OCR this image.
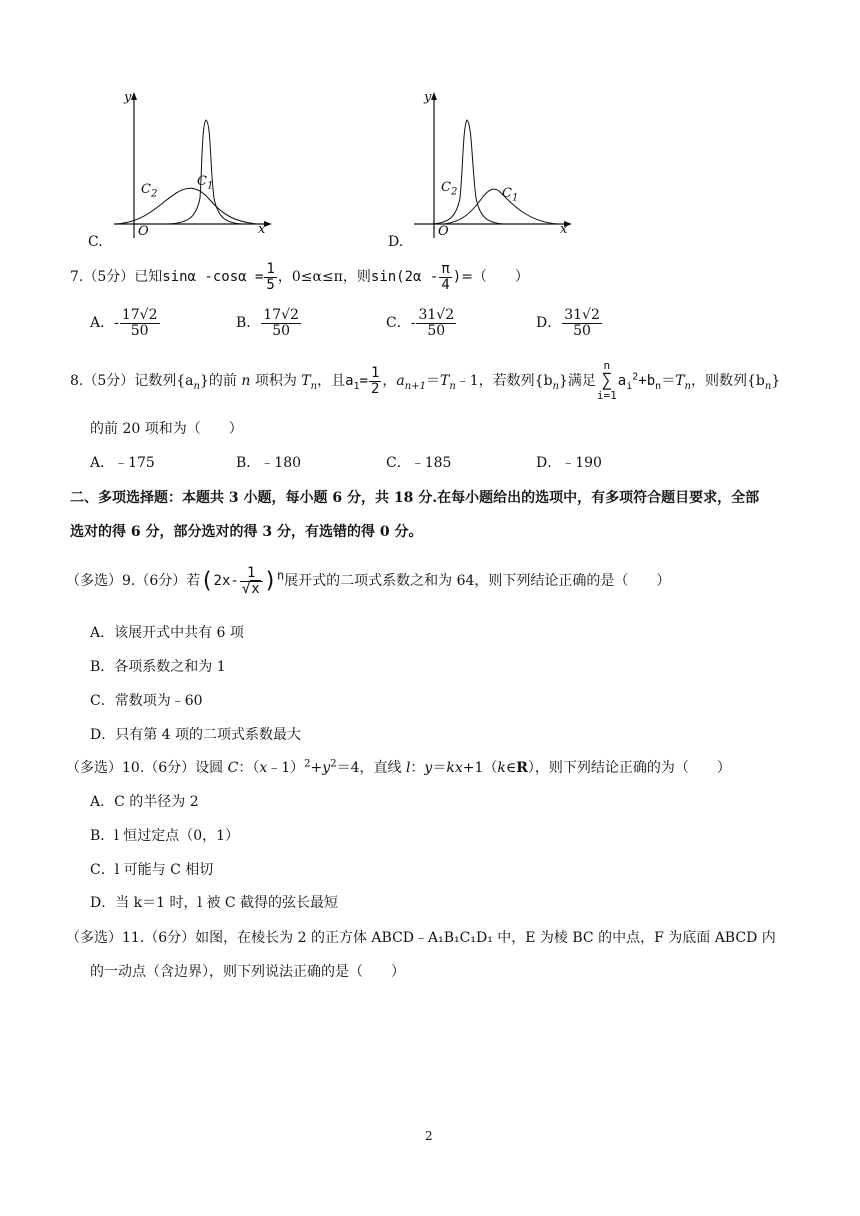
y
x
O
$C_2$
$C_1$
C.
y
x
O
$C_2$	$C_1$
D.
7.（5分）已知sinα $-\cos\alpha = \frac{1}{5}$ ，0≤α≤π，则$\sin(2\alpha - \frac{\pi}{4}$ )=（　　）
A．- $\frac{17√2}{50}$	B． $\frac{17√2}{50}$	C．- $\frac{31√2}{50}$	D． $\frac{31√2}{50}$
8.（5分）记数列$\{a_n\}$的前 n 项积为 $T_n$，且$a_1= \frac{1}{2}$ ，$a_{n+1}=T_n﹣1$，若数列$\{b_n\}$满足
n
∑
i=1
$a_i^2+b_n=T_n$，则数列$\{b_n\}$
的前 20 项和为（　　）
A．﹣175	B．﹣180	C．﹣185	D．﹣190
二、多项选择题：本题共 3 小题，每小题 6 分，共 18 分.在每小题给出的选项中，有多项符合题目要求，全部
选对的得 6 分，部分选对的得 3 分，有选错的得 0 分。
（多选）9.（6分）若$(2x- \frac{1}{√x} )n$展开式的二项式系数之和为 64，则下列结论正确的是（　　）
A．该展开式中共有 6 项
B．各项系数之和为 1
C．常数项为﹣60
D．只有第 4 项的二项式系数最大
（多选）10.（6分）设圆 C：$(x﹣1)^2+y^2=4$，直线 l：y＝kx+1（k∈R），则下列结论正确的为（　　）
A．C 的半径为 2
B．l 恒过定点（0，1）
C．l 可能与 C 相切
D．当 k＝1 时，l 被 C 截得的弦长最短
（多选）11.（6分）如图，在棱长为 2 的正方体 ABCD﹣A₁B₁C₁D₁ 中，E 为棱 BC 的中点，F 为底面 ABCD 内
的一动点（含边界），则下列说法正确的是（　　）
2
